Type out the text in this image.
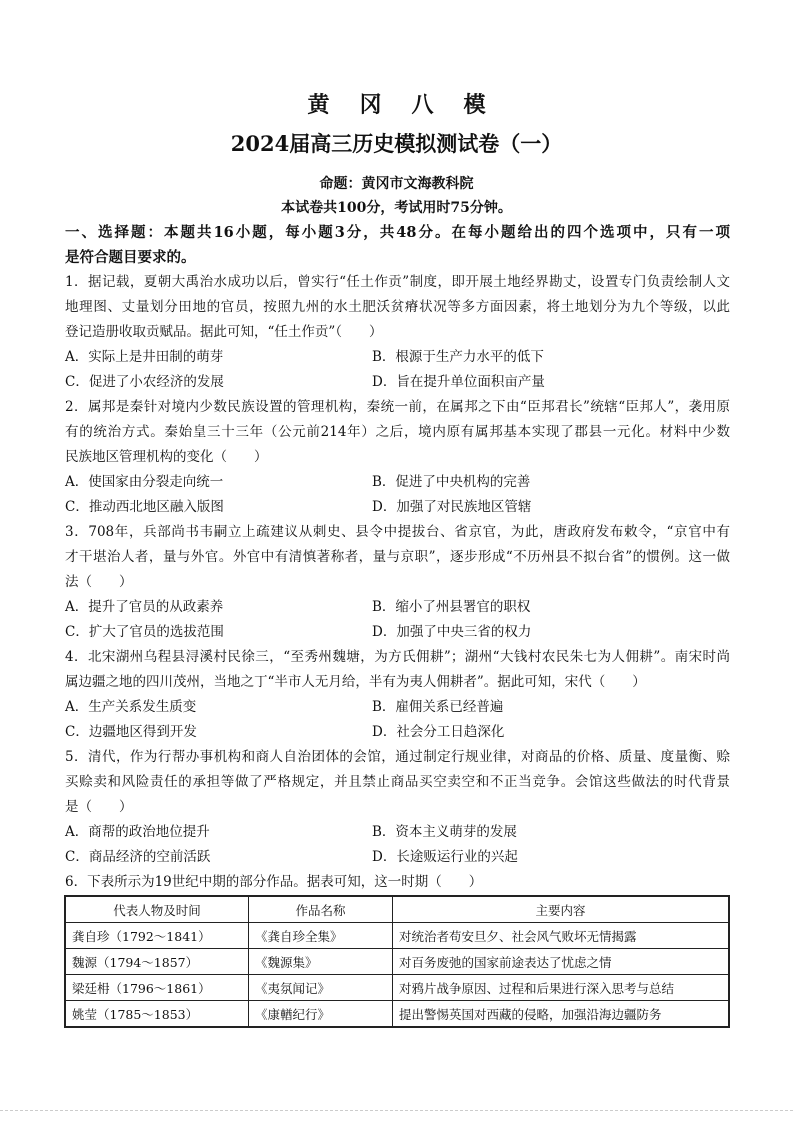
黄冈八模
2024届高三历史模拟测试卷（一）
命题：黄冈市文海教科院
本试卷共100分，考试用时75分钟。
一、选择题：本题共16小题，每小题3分，共48分。在每小题给出的四个选项中，只有一项
是符合题目要求的。
1．据记载，夏朝大禹治水成功以后，曾实行“任土作贡”制度，即开展土地经界勘丈，设置专门负责绘制人文
地理图、丈量划分田地的官员，按照九州的水土肥沃贫瘠状况等多方面因素，将土地划分为九个等级，以此
登记造册收取贡赋品。据此可知，“任土作贡”（　　）
A．实际上是井田制的萌芽	B．根源于生产力水平的低下
C．促进了小农经济的发展	D．旨在提升单位面积亩产量
2．属邦是秦针对境内少数民族设置的管理机构，秦统一前，在属邦之下由“臣邦君长”统辖“臣邦人”，袭用原
有的统治方式。秦始皇三十三年（公元前214年）之后，境内原有属邦基本实现了郡县一元化。材料中少数
民族地区管理机构的变化（　　）
A．使国家由分裂走向统一	B．促进了中央机构的完善
C．推动西北地区融入版图	D．加强了对民族地区管辖
3．708年，兵部尚书韦嗣立上疏建议从刺史、县令中提拔台、省京官，为此，唐政府发布敕令，“京官中有
才干堪治人者，量与外官。外官中有清慎著称者，量与京职”，逐步形成“不历州县不拟台省”的惯例。这一做
法（　　）
A．提升了官员的从政素养	B．缩小了州县署官的职权
C．扩大了官员的选拔范围	D．加强了中央三省的权力
4．北宋湖州乌程县浔溪村民徐三，“至秀州魏塘，为方氏佣耕”；湖州“大钱村农民朱七为人佣耕”。南宋时尚
属边疆之地的四川茂州，当地之丁“半市人无月给，半有为夷人佣耕者”。据此可知，宋代（　　）
A．生产关系发生质变	B．雇佣关系已经普遍
C．边疆地区得到开发	D．社会分工日趋深化
5．清代，作为行帮办事机构和商人自治团体的会馆，通过制定行规业律，对商品的价格、质量、度量衡、赊
买赊卖和风险责任的承担等做了严格规定，并且禁止商品买空卖空和不正当竞争。会馆这些做法的时代背景
是（　　）
A．商帮的政治地位提升	B．资本主义萌芽的发展
C．商品经济的空前活跃	D．长途贩运行业的兴起
6．下表所示为19世纪中期的部分作品。据表可知，这一时期（　　）
代表人物及时间	作品名称	主要内容
龚自珍（1792～1841）	《龚自珍全集》	对统治者苟安旦夕、社会风气败坏无情揭露
魏源（1794～1857）	《魏源集》	对百务废弛的国家前途表达了忧虑之情
梁廷枏（1796～1861）	《夷氛闻记》	对鸦片战争原因、过程和后果进行深入思考与总结
姚莹（1785～1853）	《康輶纪行》	提出警惕英国对西藏的侵略，加强沿海边疆防务
